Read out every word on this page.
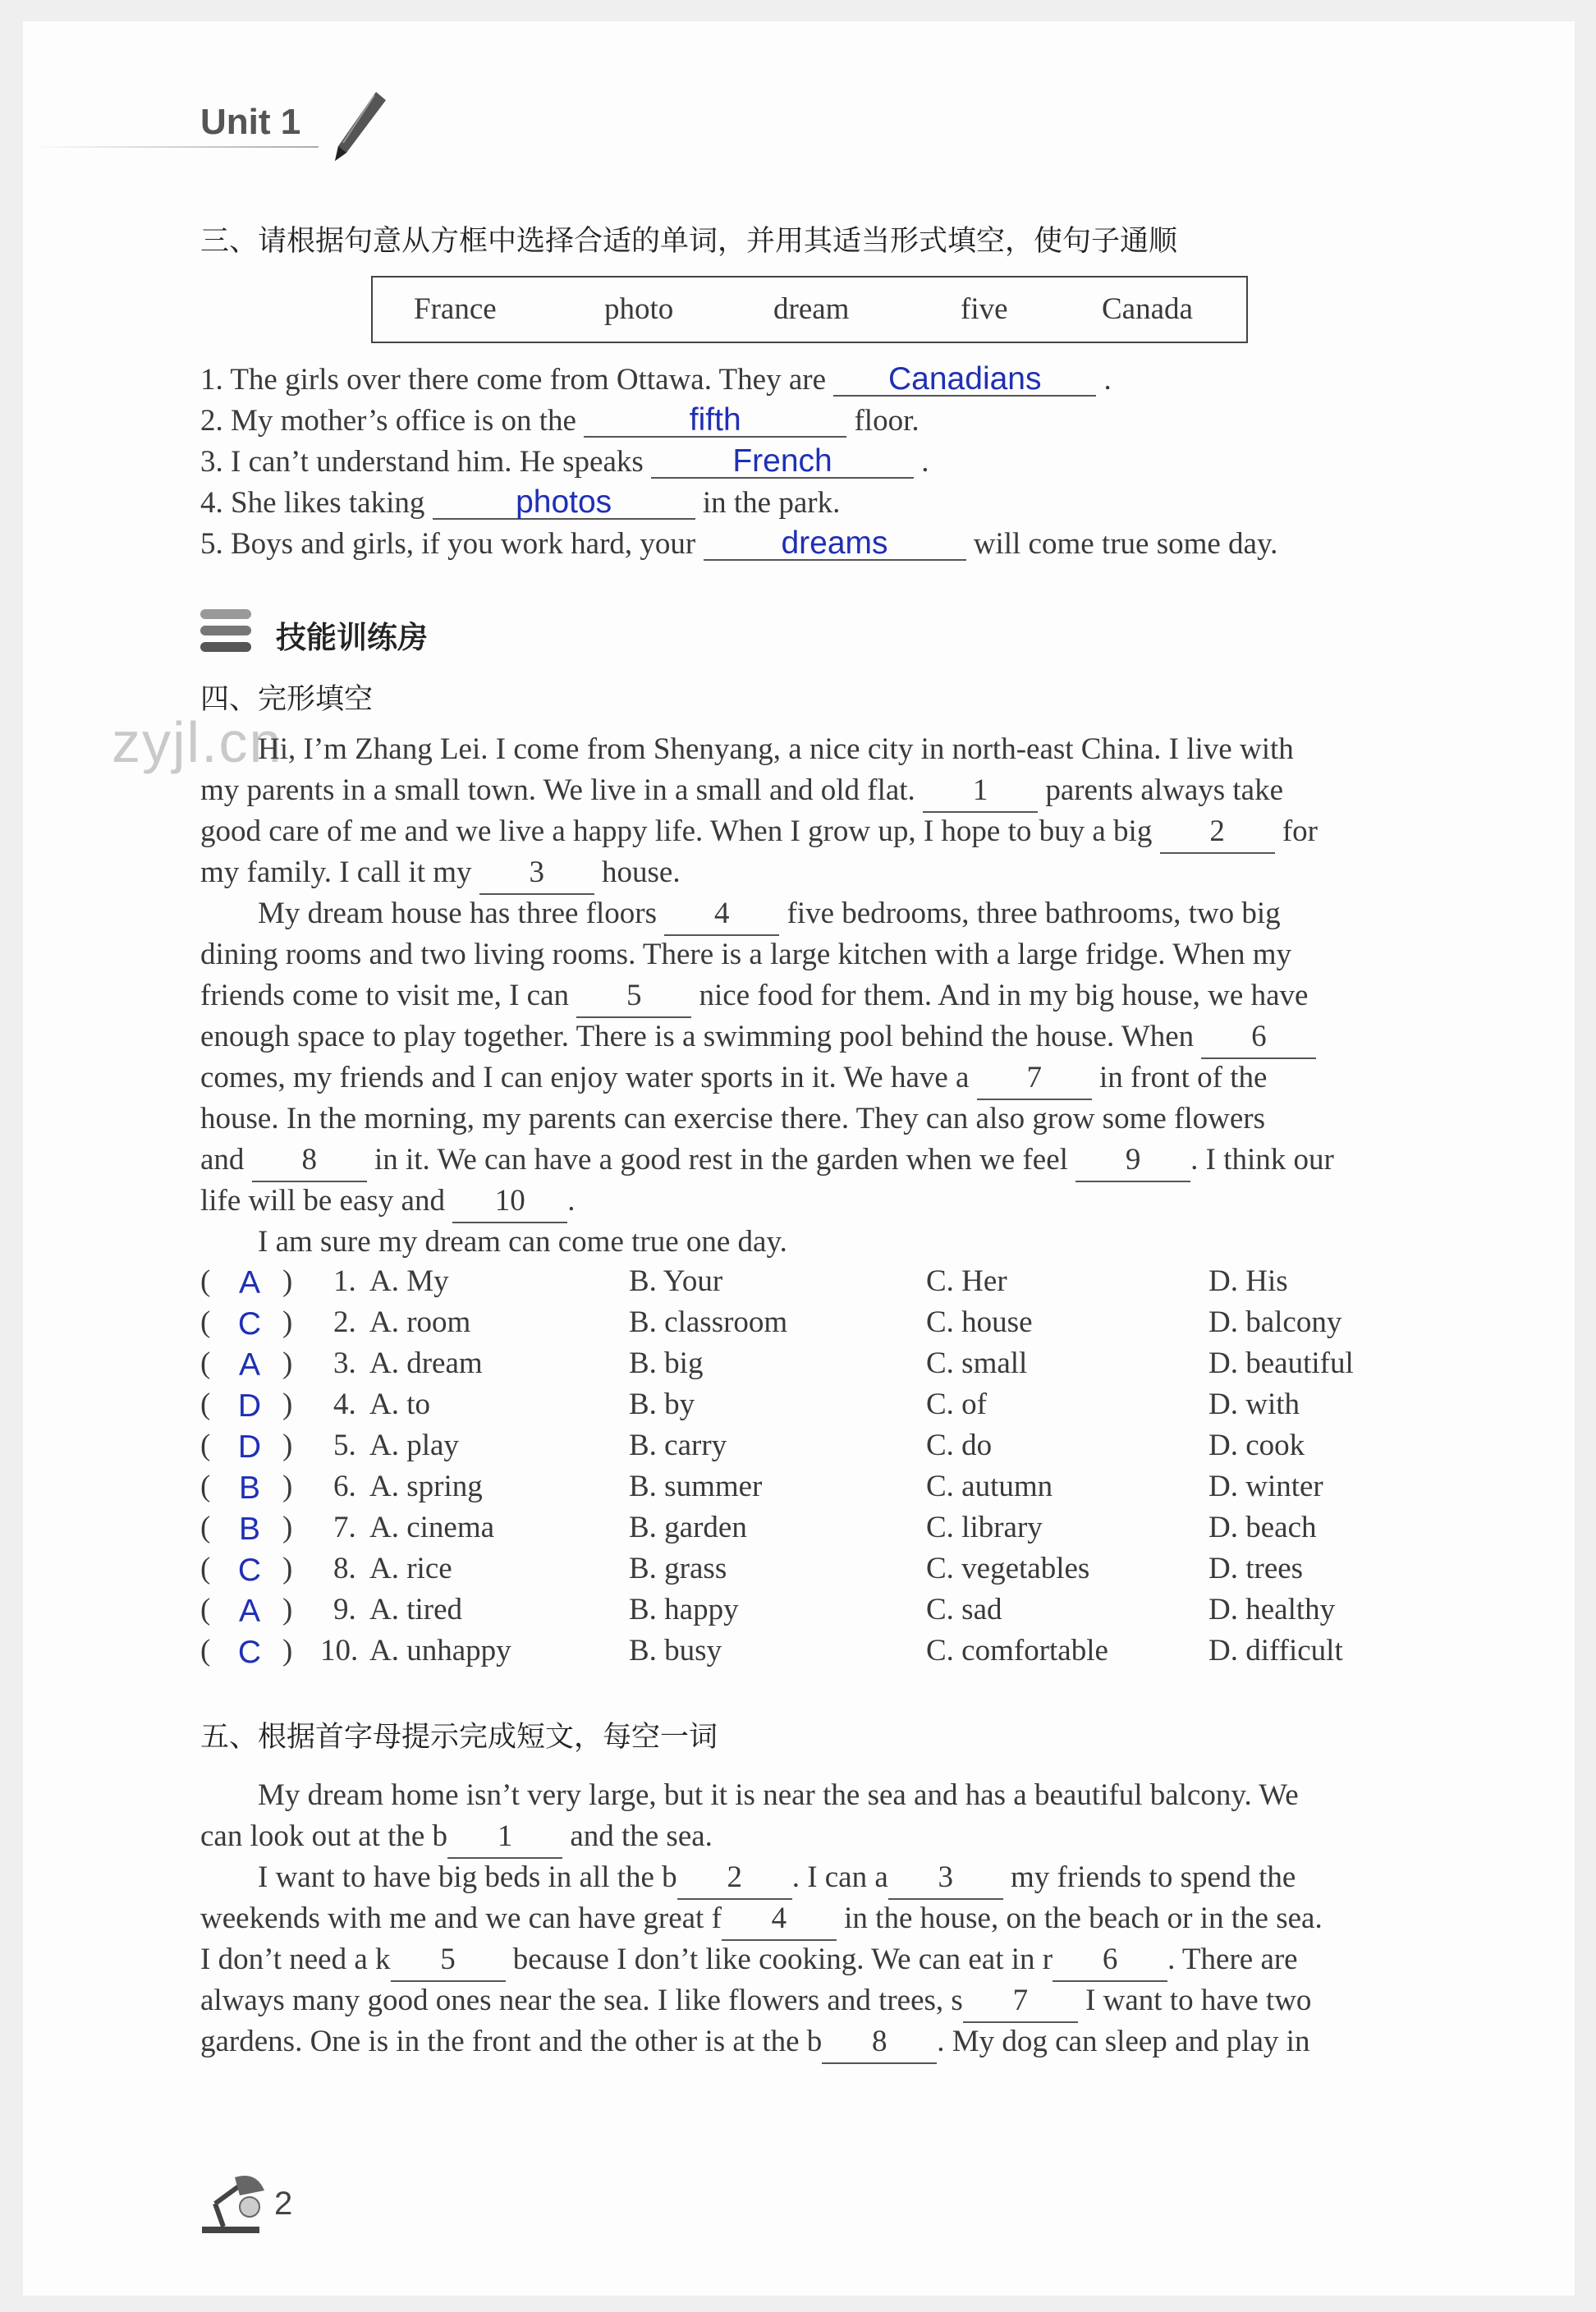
Unit 1
三、请根据句意从方框中选择合适的单词，并用其适当形式填空，使句子通顺
France	photo	dream	five	Canada
1. The girls over there come from Ottawa. They are Canadians .
2. My mother’s office is on the	fifth	floor.
3. I can’t understand him. He speaks	French	.
4. She likes taking	photos	in the park.
5. Boys and girls, if you work hard, your	dreams	will come true some day.
技能训练房
四、完形填空
zyjl.cn
Hi, I’m Zhang Lei. I come from Shenyang, a nice city in north-east China. I live with
my parents in a small town. We live in a small and old flat. 1 parents always take
good care of me and we live a happy life. When I grow up, I hope to buy a big 2 for
my family. I call it my 3 house.
My dream house has three floors 4 five bedrooms, three bathrooms, two big
dining rooms and two living rooms. There is a large kitchen with a large fridge. When my
friends come to visit me, I can 5 nice food for them. And in my big house, we have
enough space to play together. There is a swimming pool behind the house. When 6
comes, my friends and I can enjoy water sports in it. We have a 7 in front of the
house. In the morning, my parents can exercise there. They can also grow some flowers
and 8 in it. We can have a good rest in the garden when we feel 9 . I think our
life will be easy and 10 .
I am sure my dream can come true one day.
( A ) 1. A. My	B. Your	C. Her	D. His
( C ) 2. A. room	B. classroom	C. house	D. balcony
( A ) 3. A. dream	B. big	C. small	D. beautiful
( D ) 4. A. to	B. by	C. of	D. with
( D ) 5. A. play	B. carry	C. do	D. cook
( B ) 6. A. spring	B. summer	C. autumn	D. winter
( B ) 7. A. cinema	B. garden	C. library	D. beach
( C ) 8. A. rice	B. grass	C. vegetables	D. trees
( A ) 9. A. tired	B. happy	C. sad	D. healthy
( C ) 10. A. unhappy	B. busy	C. comfortable	D. difficult
五、根据首字母提示完成短文，每空一词
My dream home isn’t very large, but it is near the sea and has a beautiful balcony. We
can look out at the b 1 and the sea.
I want to have big beds in all the b 2 . I can a 3 my friends to spend the
weekends with me and we can have great f 4 in the house, on the beach or in the sea.
I don’t need a k 5 because I don’t like cooking. We can eat in r 6 . There are
always many good ones near the sea. I like flowers and trees, s 7 I want to have two
gardens. One is in the front and the other is at the b 8 . My dog can sleep and play in
2
